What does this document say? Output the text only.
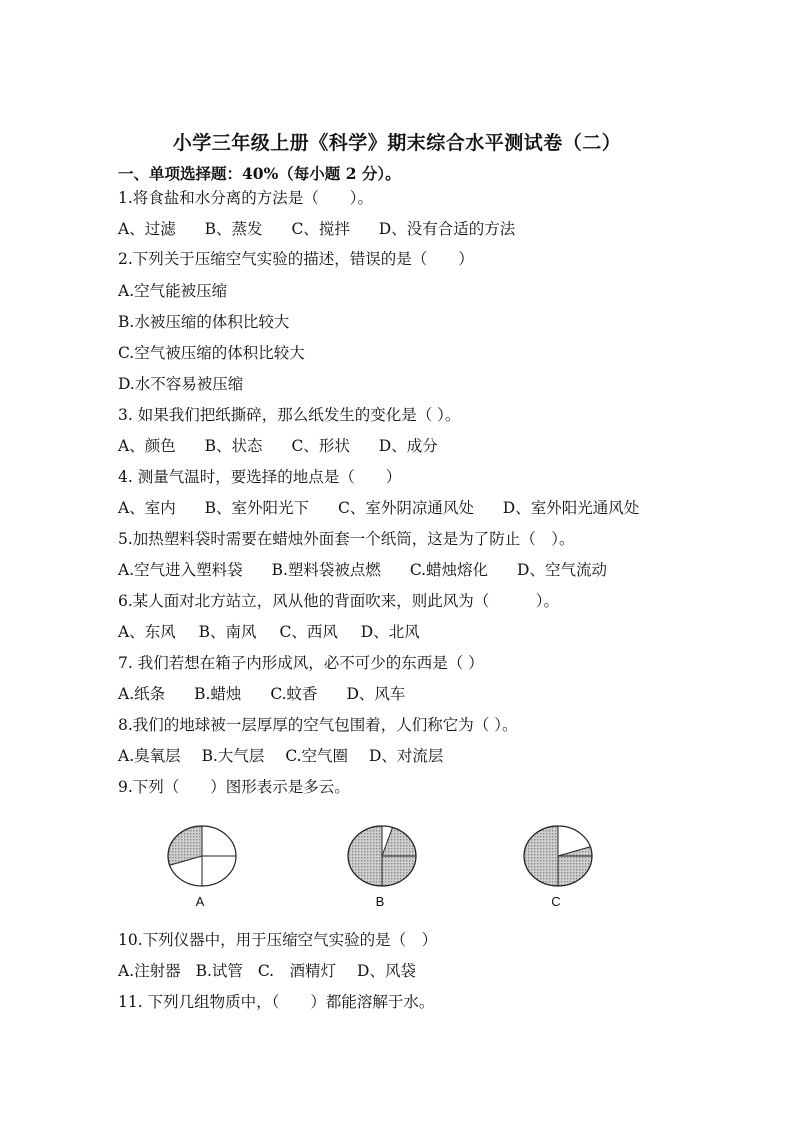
小学三年级上册《科学》期末综合水平测试卷（二）
一、单项选择题：40%（每小题 2 分）。
1.将食盐和水分离的方法是（　　）。
A、过滤 B、蒸发 C、搅拌 D、没有合适的方法
2.下列关于压缩空气实验的描述，错误的是（　　）
A.空气能被压缩
B.水被压缩的体积比较大
C.空气被压缩的体积比较大
D.水不容易被压缩
3. 如果我们把纸撕碎，那么纸发生的变化是（ ）。
A、颜色 B、状态 C、形状 D、成分
4. 测量气温时，要选择的地点是（　　）
A、室内 B、室外阳光下 C、室外阴凉通风处 D、室外阳光通风处
5.加热塑料袋时需要在蜡烛外面套一个纸筒，这是为了防止（　）。
A.空气进入塑料袋 B.塑料袋被点燃 C.蜡烛熔化 D、空气流动
6.某人面对北方站立，风从他的背面吹来，则此风为（　　　）。
A、东风 B、南风 C、西风 D、北风
7. 我们若想在箱子内形成风，必不可少的东西是（ ）
A.纸条 B.蜡烛 C.蚊香 D、风车
8.我们的地球被一层厚厚的空气包围着，人们称它为（ ）。
A.臭氧层 B.大气层 C.空气圈 D、对流层
9.下列（　　）图形表示是多云。
A	B	C
10.下列仪器中，用于压缩空气实验的是（　）
A.注射器 B.试管 C.　酒精灯 D、风袋
11. 下列几组物质中，（　　）都能溶解于水。
